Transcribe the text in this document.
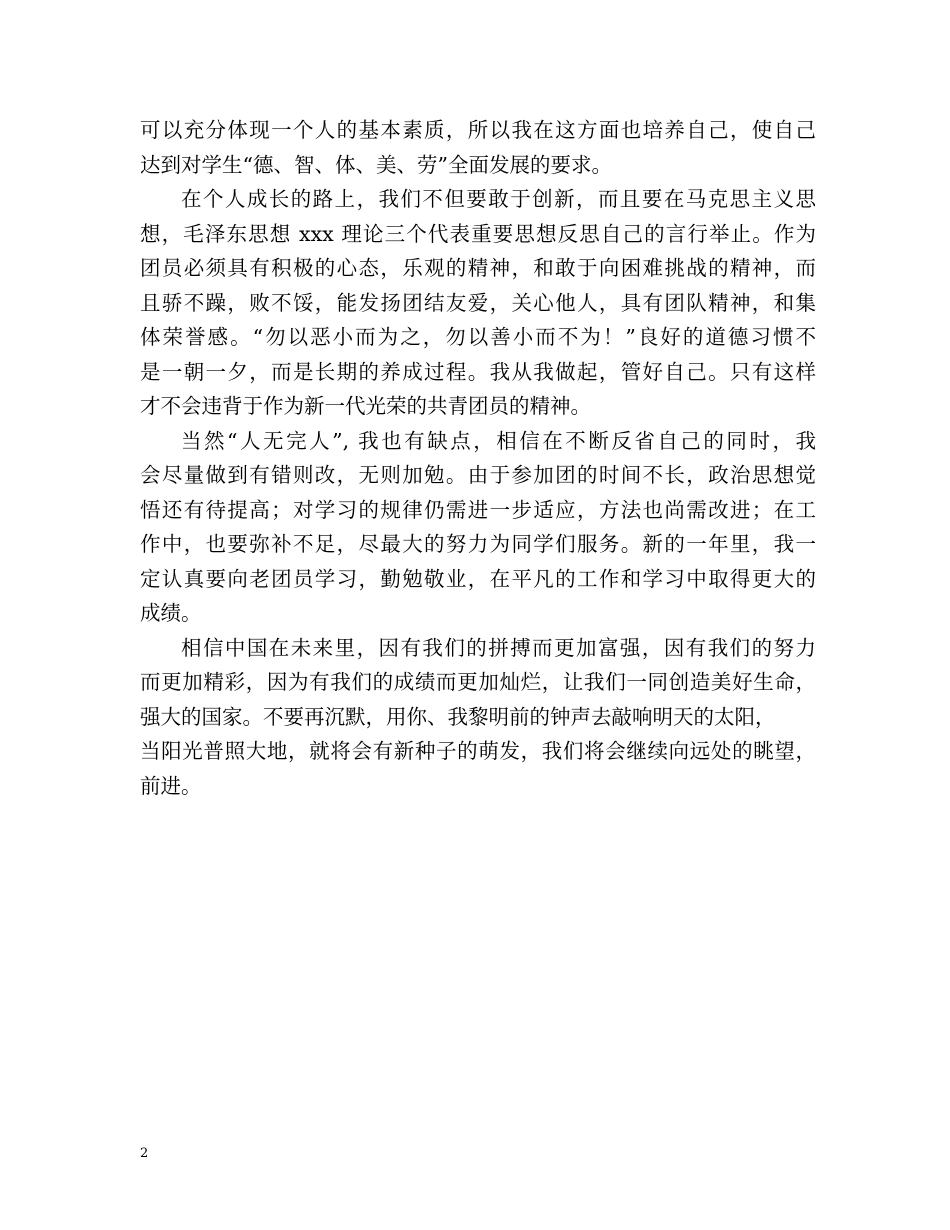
可以充分体现一个人的基本素质，所以我在这方面也培养自己，使自己
达到对学生“德、智、体、美、劳”全面发展的要求。
在个人成长的路上，我们不但要敢于创新，而且要在马克思主义思
想，毛泽东思想 xxx 理论三个代表重要思想反思自己的言行举止。作为
团员必须具有积极的心态，乐观的精神，和敢于向困难挑战的精神，而
且骄不躁，败不馁，能发扬团结友爱，关心他人，具有团队精神，和集
体荣誉感。“勿以恶小而为之，勿以善小而不为！”良好的道德习惯不
是一朝一夕，而是长期的养成过程。我从我做起，管好自己。只有这样
才不会违背于作为新一代光荣的共青团员的精神。
当然“人无完人”, 我也有缺点，相信在不断反省自己的同时，我
会尽量做到有错则改，无则加勉。由于参加团的时间不长，政治思想觉
悟还有待提高；对学习的规律仍需进一步适应，方法也尚需改进；在工
作中，也要弥补不足，尽最大的努力为同学们服务。新的一年里，我一
定认真要向老团员学习，勤勉敬业，在平凡的工作和学习中取得更大的
成绩。
相信中国在未来里，因有我们的拼搏而更加富强，因有我们的努力
而更加精彩，因为有我们的成绩而更加灿烂，让我们一同创造美好生命，
强大的国家。不要再沉默，用你、我黎明前的钟声去敲响明天的太阳，
当阳光普照大地，就将会有新种子的萌发，我们将会继续向远处的眺望，
前进。
2
